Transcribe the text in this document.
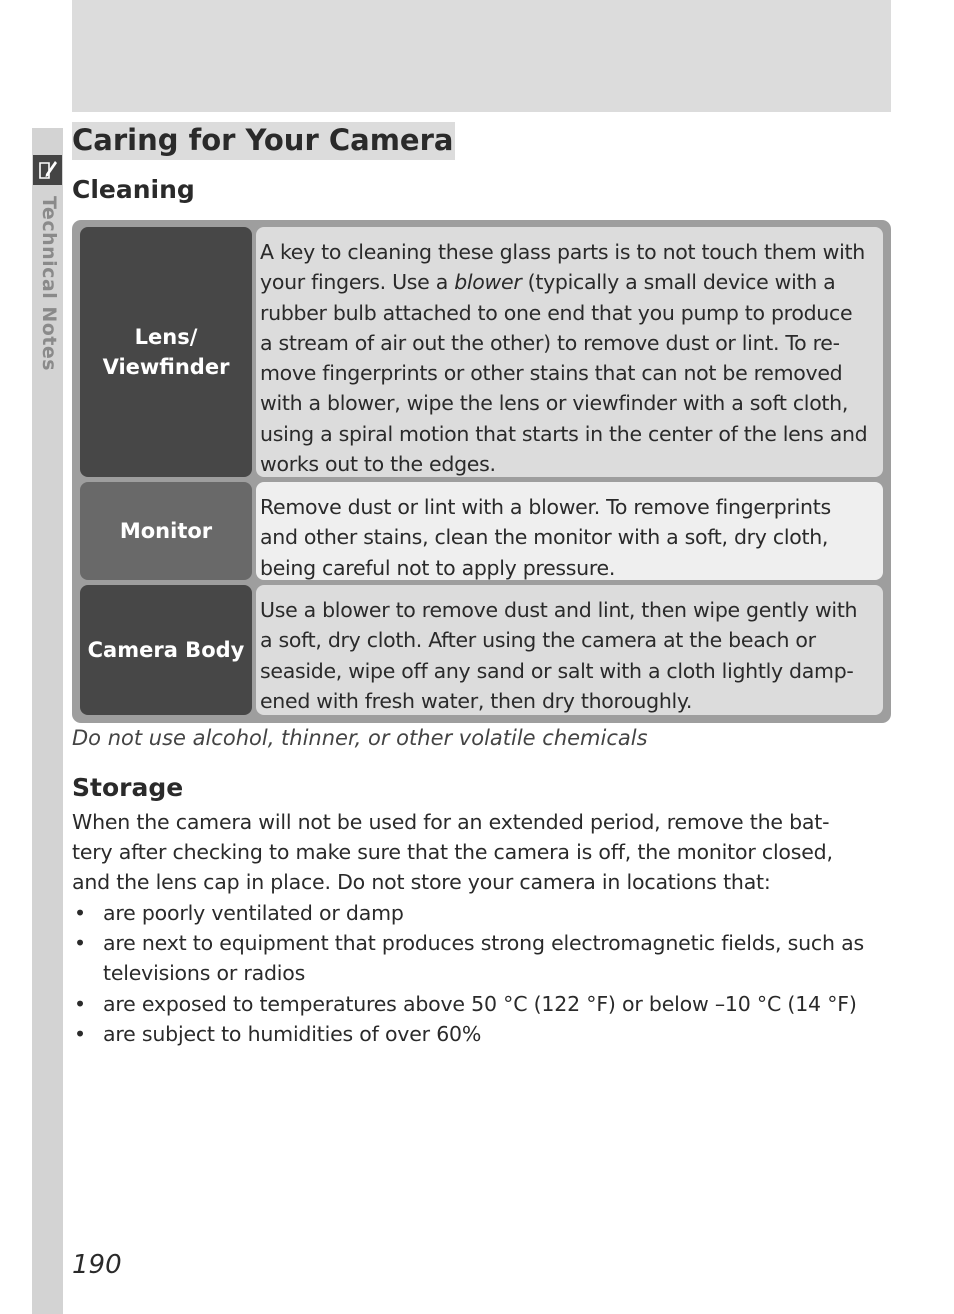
Technical Notes
Caring for Your Camera
Cleaning
Lens/
Viewfinder
A key to cleaning these glass parts is to not touch them with
your fingers. Use a blower (typically a small device with a
rubber bulb attached to one end that you pump to produce
a stream of air out the other) to remove dust or lint. To re-
move fingerprints or other stains that can not be removed
with a blower, wipe the lens or viewfinder with a soft cloth,
using a spiral motion that starts in the center of the lens and
works out to the edges.
Monitor
Remove dust or lint with a blower. To remove fingerprints
and other stains, clean the monitor with a soft, dry cloth,
being careful not to apply pressure.
Camera Body
Use a blower to remove dust and lint, then wipe gently with
a soft, dry cloth. After using the camera at the beach or
seaside, wipe off any sand or salt with a cloth lightly damp-
ened with fresh water, then dry thoroughly.
Do not use alcohol, thinner, or other volatile chemicals
Storage
When the camera will not be used for an extended period, remove the bat-
tery after checking to make sure that the camera is off, the monitor closed,
and the lens cap in place. Do not store your camera in locations that:
• are poorly ventilated or damp
• are next to equipment that produces strong electromagnetic fields, such as
televisions or radios
• are exposed to temperatures above 50 °C (122 °F) or below –10 °C (14 °F)
• are subject to humidities of over 60%
190
